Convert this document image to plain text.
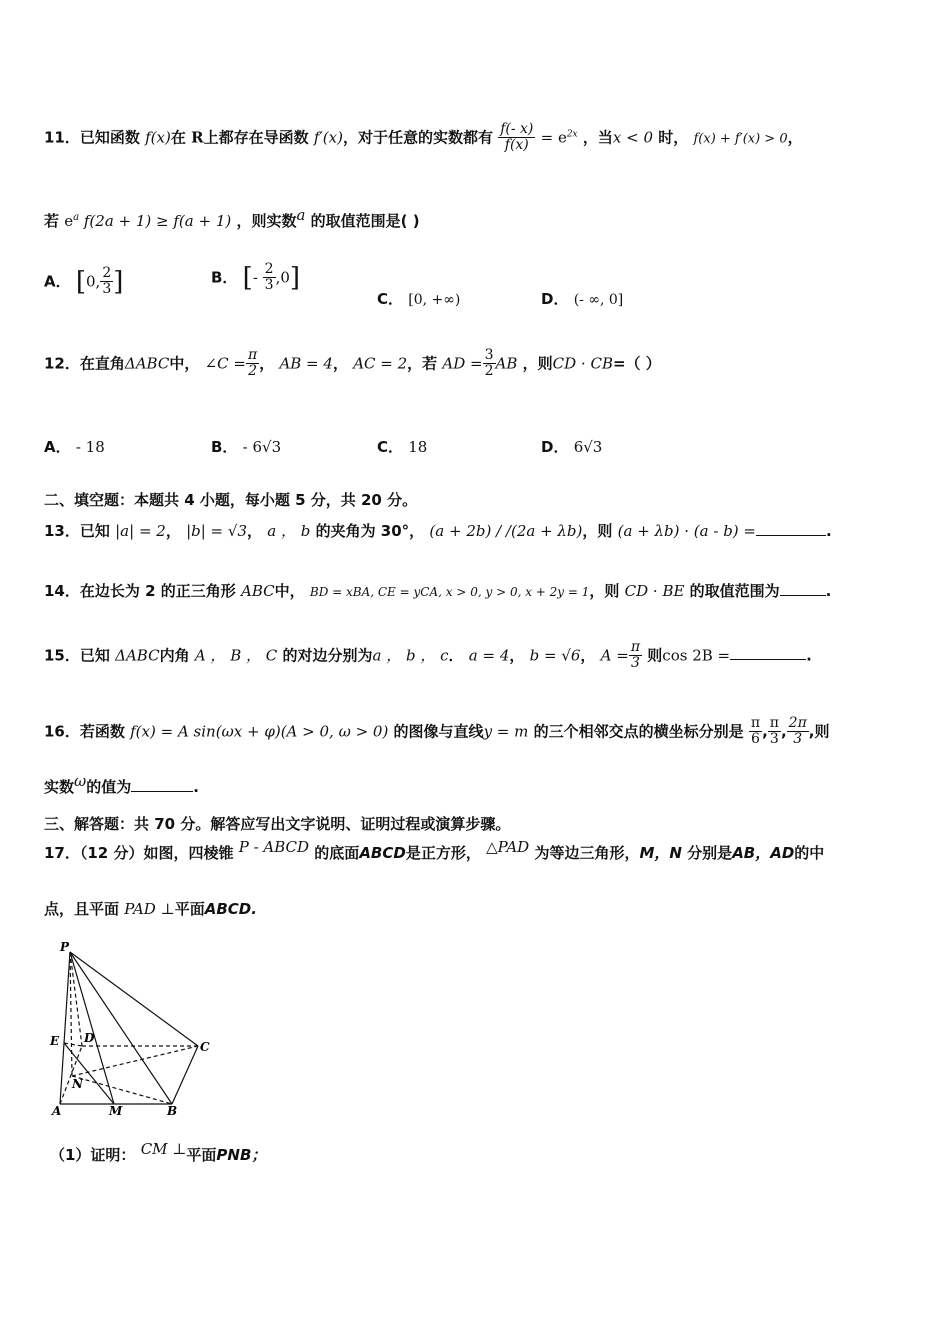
11．已知函数 f(x)在 R上都存在导函数 f′(x)，对于任意的实数都有 $\frac{f(- x)}{f(x)} = e^{2x}$ ，当x < 0 时， f(x) + f′(x) > 0，
若 $e^a$ f(2a + 1) ≥ f(a + 1) ，则实数$^a$ 的取值范围是( )
A． [0, $\frac{2}{3}$ ]	B． [- $\frac{2}{3} ,0$]
C． [0, +∞)	D． (- ∞, 0]
12．在直角ΔABC中， ∠C = $\frac{\pi}{2}$ ， AB = 4， AC = 2，若 AD = $\frac{3}{2}$ AB ，则CD · CB=（ ）
A． - 18	B． - 6√3	C． 18	D． 6√3
二、填空题：本题共 4 小题，每小题 5 分，共 20 分。
13．已知 |a| = 2， |b| = √3， a ， b 的夹角为 30°， (a + 2b) / /(2a + λb)，则 (a + λb) · (a - b) =	.
14．在边长为 2 的正三角形 ABC中， BD = xBA, CE = yCA, x > 0, y > 0, x + 2y = 1，则 CD · BE 的取值范围为	.
15．已知 ΔABC内角 A ， B ， C 的对边分别为a ， b ， c． a = 4， b = √6， $A = \frac{\pi}{3}$ 则cos 2B =	.
16．若函数 f(x) = A sin(ωx + φ)(A > 0, ω > 0) 的图像与直线y = m 的三个相邻交点的横坐标分别是 $\frac{\pi}{6}$ , $\frac{\pi}{3}$ , $\frac{2\pi}{3}$ ,则
实数$^\omega$的值为	.
三、解答题：共 70 分。解答应写出文字说明、证明过程或演算步骤。
17．（12 分）如图，四棱锥 $^{P - ABCD}$ 的底面ABCD是正方形， $^{\triangle PAD}$ 为等边三角形，M，N 分别是AB，AD的中
点，且平面 PAD ⊥平面ABCD.
P
E D
C
N
A	M	B
（1）证明： $^{CM \perp}$平面PNB；
